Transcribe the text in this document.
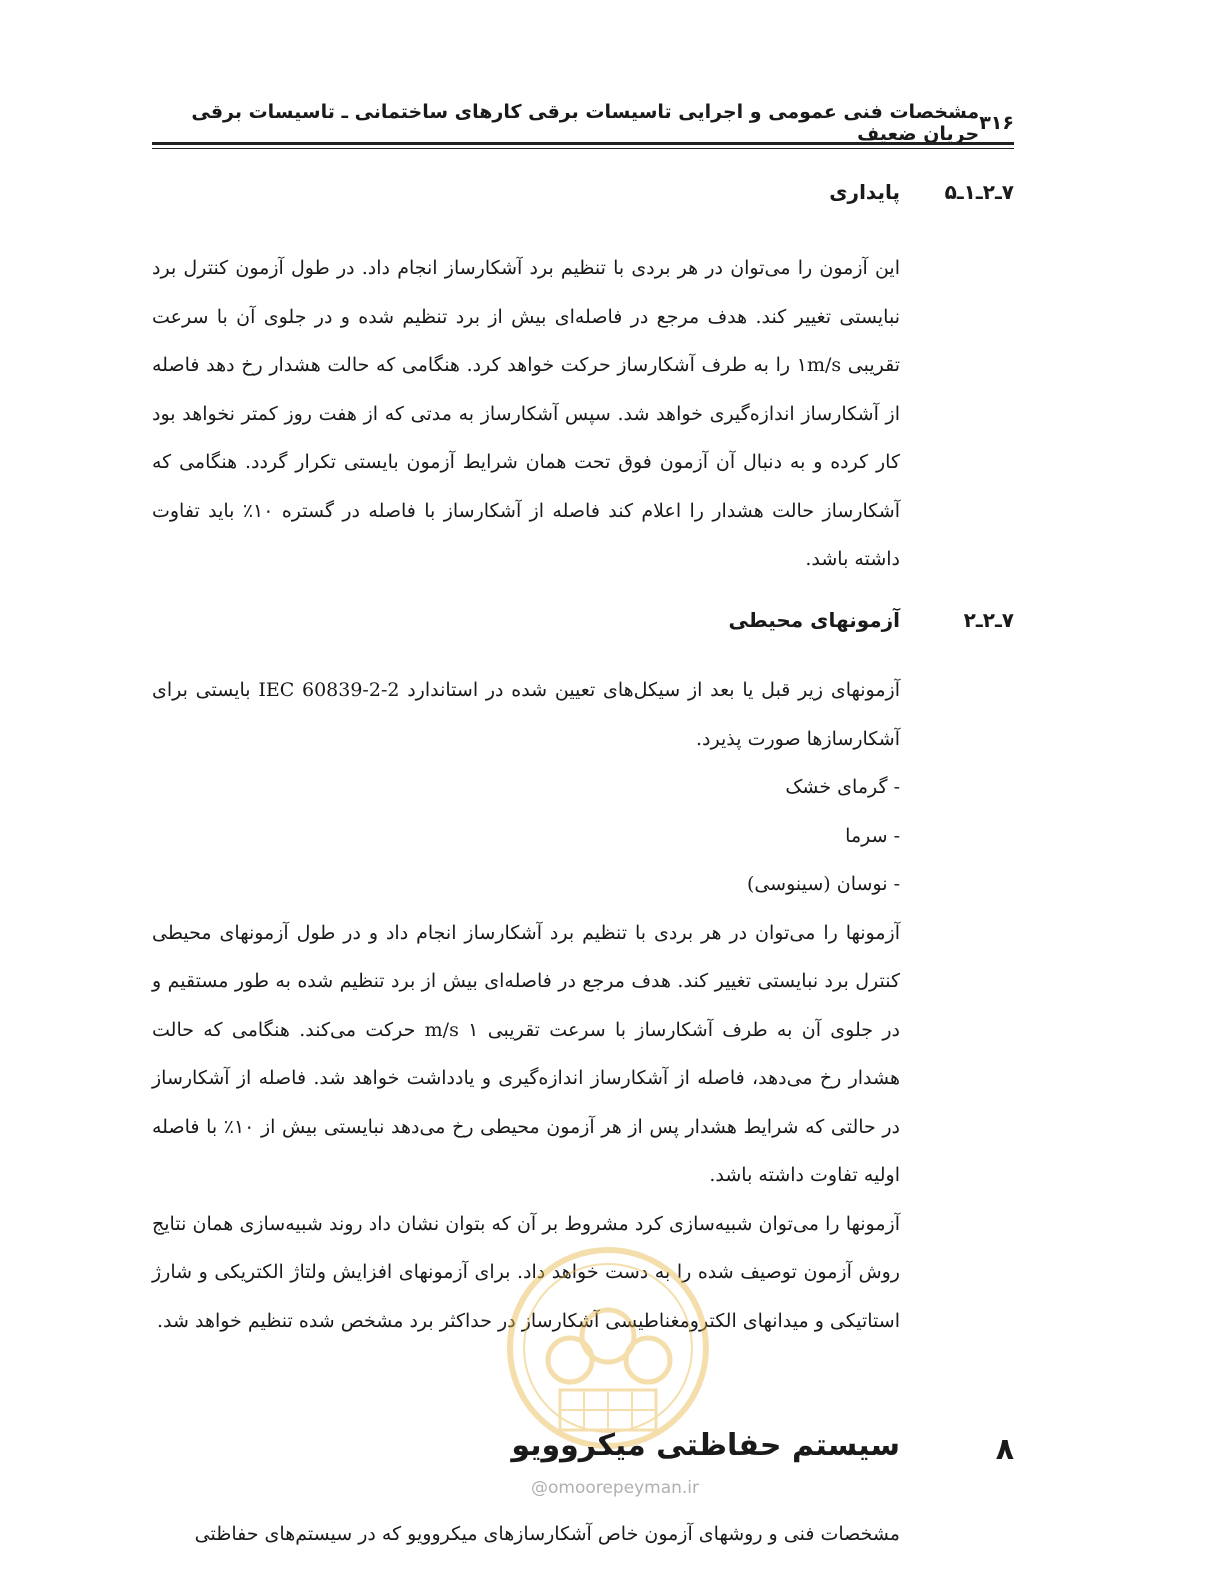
مشخصات فنی عمومی و اجرایی تاسیسات برقی کارهای ساختمانی ـ تاسیسات برقی جریان ضعیف ۳۱۶
۷ـ۲ـ۱ـ۵
پایداری

این آزمون را می‌توان در هر بردی با تنظیم برد آشکارساز انجام داد. در طول آزمون کنترل برد نبایستی تغییر کند. هدف مرجع در فاصله‌ای بیش از برد تنظیم شده و در جلوی آن با سرعت تقریبی ۱m/s را به طرف آشکارساز حرکت خواهد کرد. هنگامی که حالت هشدار رخ دهد فاصله از آشکارساز اندازه‌گیری خواهد شد. سپس آشکارساز به مدتی که از هفت روز کمتر نخواهد بود کار کرده و به دنبال آن آزمون فوق تحت همان شرایط آزمون بایستی تکرار گردد. هنگامی که آشکارساز حالت هشدار را اعلام کند فاصله از آشکارساز با فاصله در گستره ۱۰٪ باید تفاوت داشته باشد.

۷ـ۲ـ۲
آزمونهای محیطی

آزمونهای زیر قبل یا بعد از سیکل‌های تعیین شده در استاندارد IEC 60839-2-2 بایستی برای آشکارسازها صورت پذیرد.

- گرمای خشک

- سرما

- نوسان (سینوسی)

آزمونها را می‌توان در هر بردی با تنظیم برد آشکارساز انجام داد و در طول آزمونهای محیطی کنترل برد نبایستی تغییر کند. هدف مرجع در فاصله‌ای بیش از برد تنظیم شده به طور مستقیم و در جلوی آن به طرف آشکارساز با سرعت تقریبی ۱ m/s حرکت می‌کند. هنگامی که حالت هشدار رخ می‌دهد، فاصله از آشکارساز اندازه‌گیری و یادداشت خواهد شد. فاصله از آشکارساز در حالتی که شرایط هشدار پس از هر آزمون محیطی رخ می‌دهد نبایستی بیش از ۱۰٪ با فاصله اولیه تفاوت داشته باشد.

آزمونها را می‌توان شبیه‌سازی کرد مشروط بر آن که بتوان نشان داد روند شبیه‌سازی همان نتایج روش آزمون توصیف شده را به دست خواهد داد. برای آزمونهای افزایش ولتاژ الکتریکی و شارژ استاتیکی و میدانهای الکترومغناطیسی آشکارساز در حداکثر برد مشخص شده تنظیم خواهد شد.

@omoorepeyman.ir
۸
سیستم حفاظتی میکروویو

مشخصات فنی و روشهای آزمون خاص آشکارسازهای میکروویو که در سیستم‌های حفاظتی
